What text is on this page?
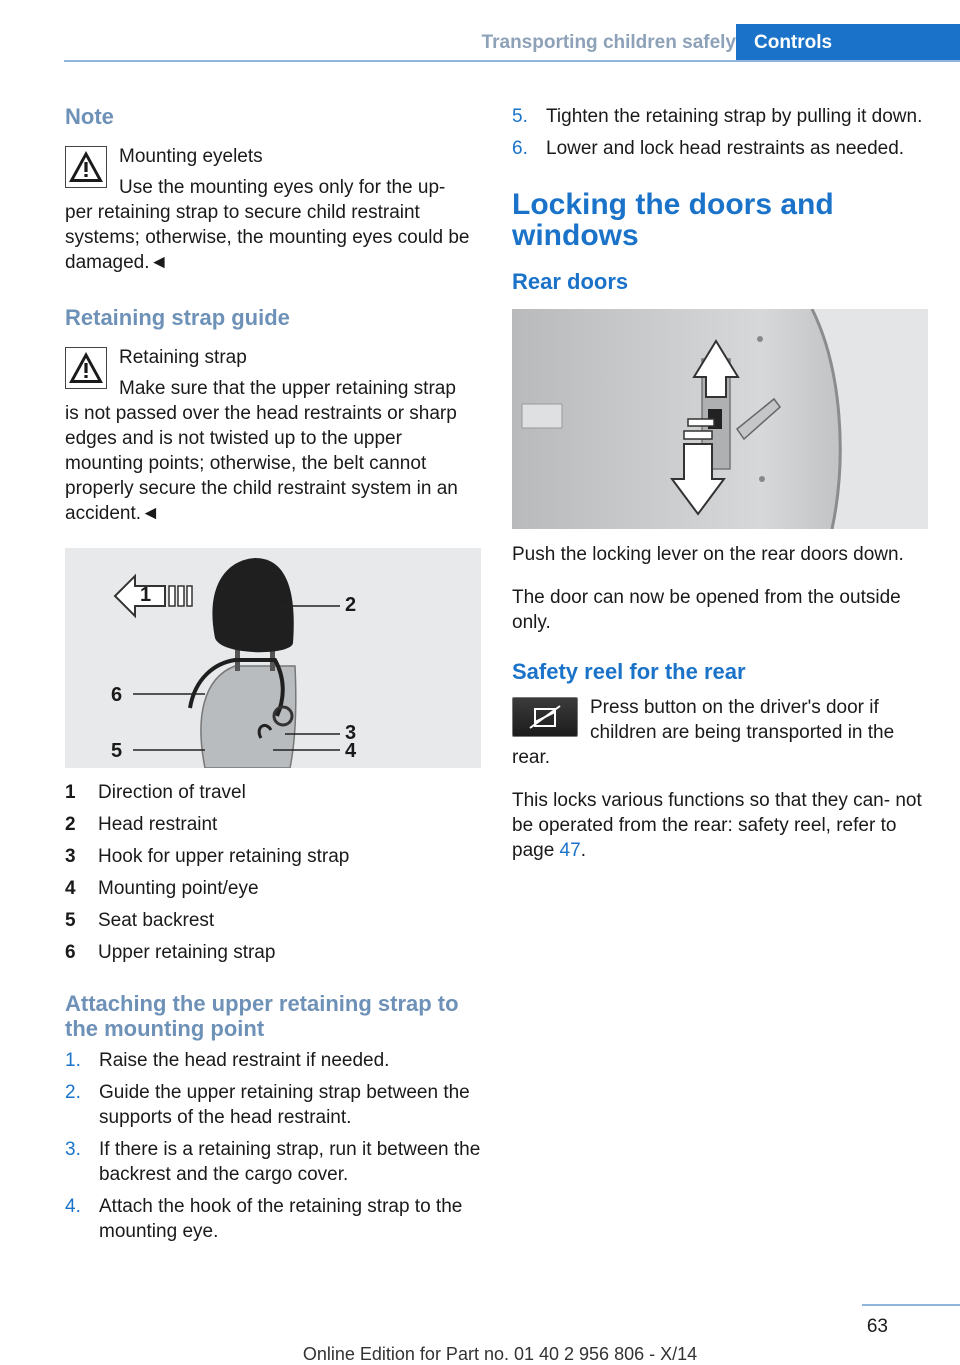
Transporting children safely Controls
Note
Mounting eyelets
Use the mounting eyes only for the up-
per retaining strap to secure child restraint systems; otherwise, the mounting eyes could be damaged.◄
Retaining strap guide
Retaining strap
Make sure that the upper retaining strap
is not passed over the head restraints or sharp edges and is not twisted up to the upper mounting points; otherwise, the belt cannot properly secure the child restraint system in an accident.◄
1	2
3
4
5
6
1 Direction of travel
2 Head restraint
3 Hook for upper retaining strap
4 Mounting point/eye
5 Seat backrest
6 Upper retaining strap
Attaching the upper retaining strap to the mounting point
1. Raise the head restraint if needed.
2. Guide the upper retaining strap between the supports of the head restraint.
3. If there is a retaining strap, run it between the backrest and the cargo cover.
4. Attach the hook of the retaining strap to the mounting eye.
5. Tighten the retaining strap by pulling it down.
6. Lower and lock head restraints as needed.
Locking the doors and windows
Rear doors

Push the locking lever on the rear doors down.

The door can now be opened from the outside only.

Safety reel for the rear

Press button on the driver's door if children are being transported in the

rear.

This locks various functions so that they can- not be operated from the rear: safety reel, refer to page 47.

63
Online Edition for Part no. 01 40 2 956 806 - X/14
